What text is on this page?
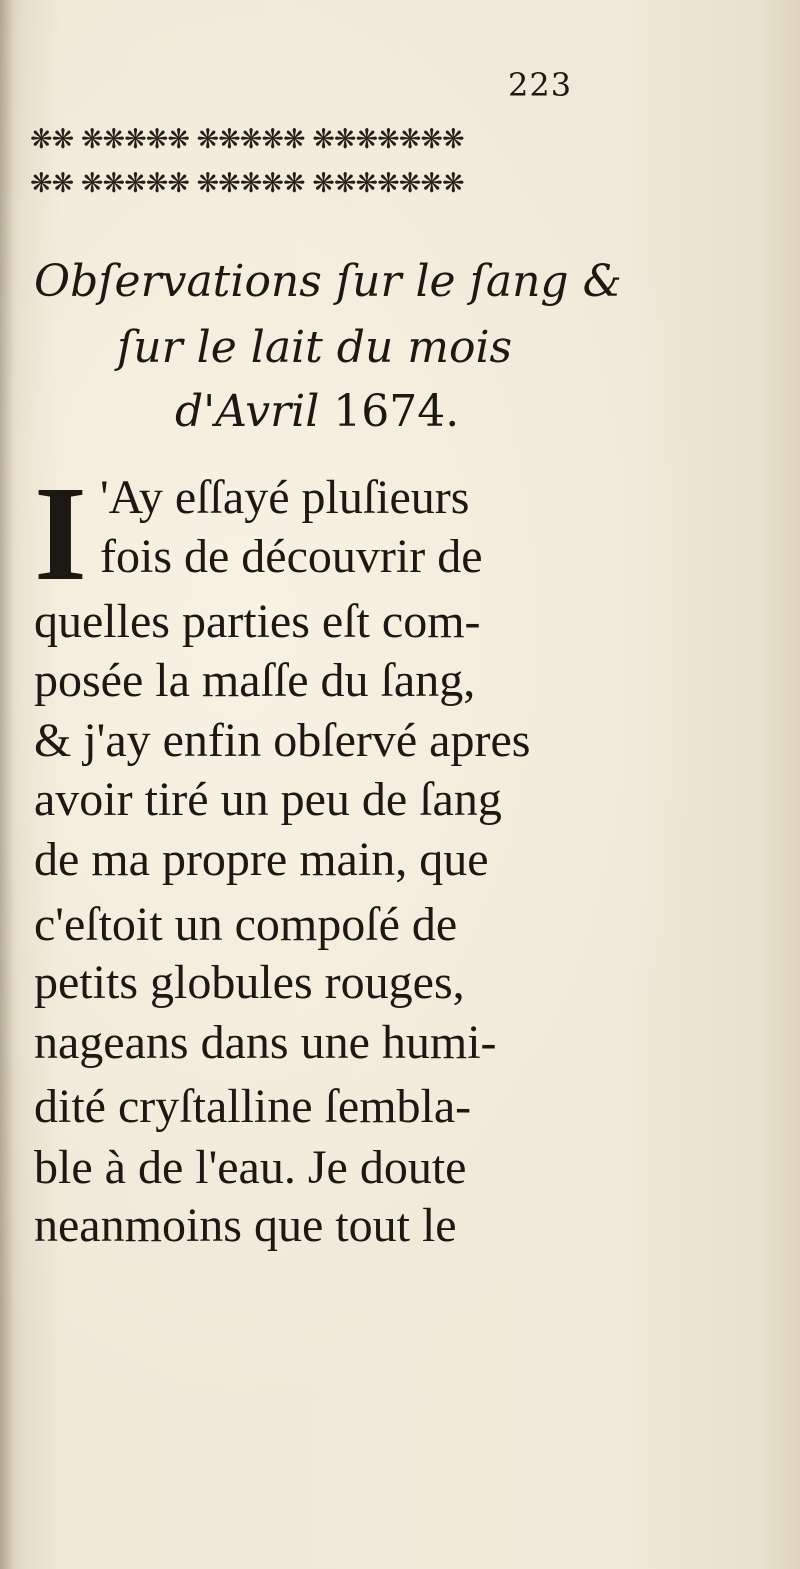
223
❋❋ ❋❋❋❋❋ ❋❋❋❋❋ ❋❋❋❋❋❋❋
❋❋ ❋❋❋❋❋ ❋❋❋❋❋ ❋❋❋❋❋❋❋
Obſervations ſur le ſang &
ſur le lait du mois
d'Avril 1674.
I 'Ay eſſayé pluſieurs
fois de découvrir de
quelles parties eſt com-
posée la maſſe du ſang,
& j'ay enfin obſervé apres
avoir tiré un peu de ſang
de ma propre main, que
c'eſtoit un compoſé de
petits globules rouges,
nageans dans une humi-
dité cryſtalline ſembla-
ble à de l'eau. Je doute
neanmoins que tout le
